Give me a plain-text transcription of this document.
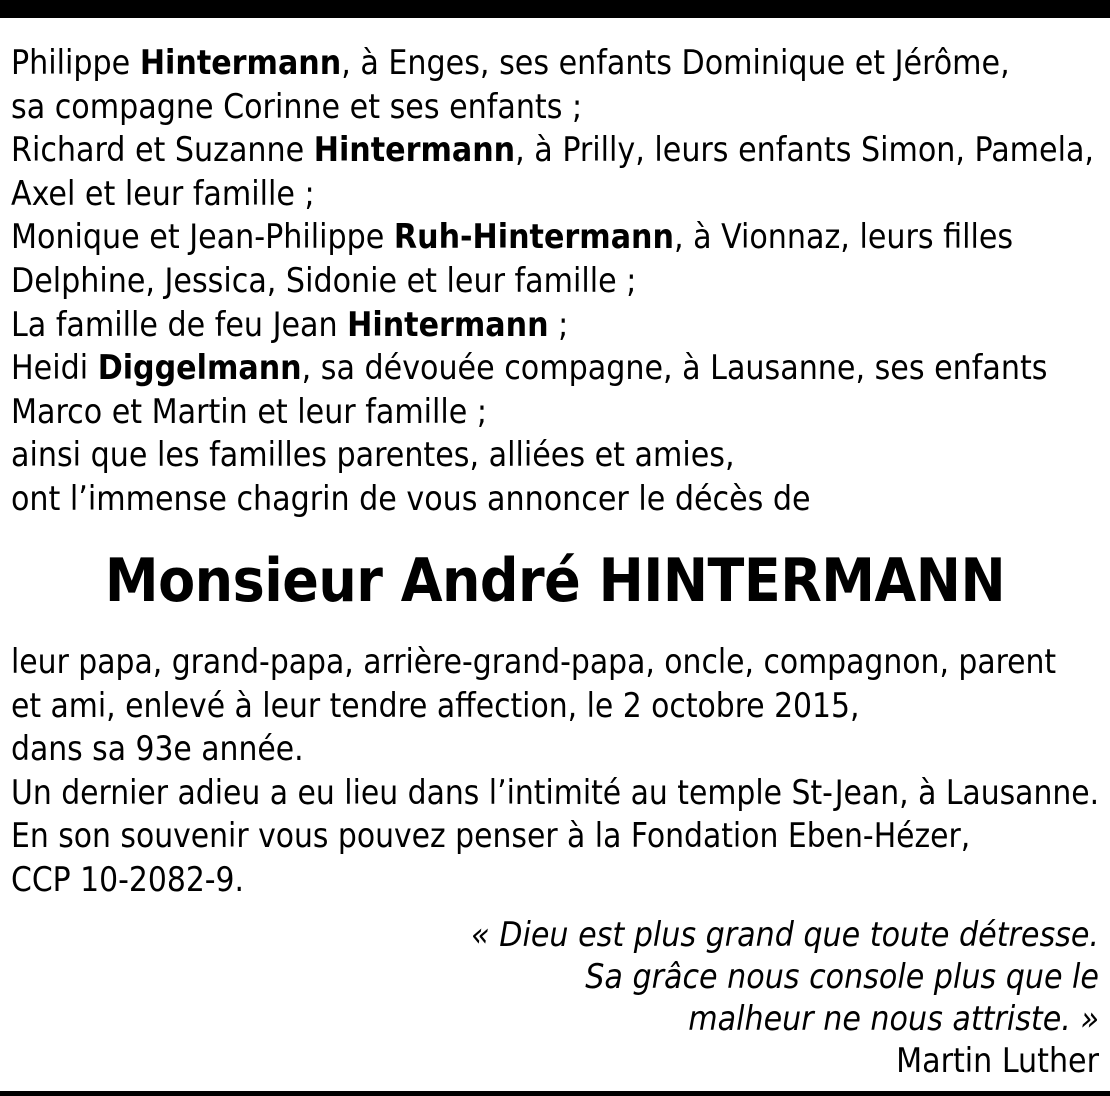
Philippe Hintermann, à Enges, ses enfants Dominique et Jérôme,
sa compagne Corinne et ses enfants ;
Richard et Suzanne Hintermann, à Prilly, leurs enfants Simon, Pamela,
Axel et leur famille ;
Monique et Jean-Philippe Ruh-Hintermann, à Vionnaz, leurs filles
Delphine, Jessica, Sidonie et leur famille ;
La famille de feu Jean Hintermann ;
Heidi Diggelmann, sa dévouée compagne, à Lausanne, ses enfants
Marco et Martin et leur famille ;
ainsi que les familles parentes, alliées et amies,
ont l’immense chagrin de vous annoncer le décès de
Monsieur André HINTERMANN
leur papa, grand-papa, arrière-grand-papa, oncle, compagnon, parent
et ami, enlevé à leur tendre affection, le 2 octobre 2015,
dans sa 93e année.
Un dernier adieu a eu lieu dans l’intimité au temple St-Jean, à Lausanne.
En son souvenir vous pouvez penser à la Fondation Eben-Hézer,
CCP 10-2082-9.
« Dieu est plus grand que toute détresse.
Sa grâce nous console plus que le
malheur ne nous attriste. »
Martin Luther
